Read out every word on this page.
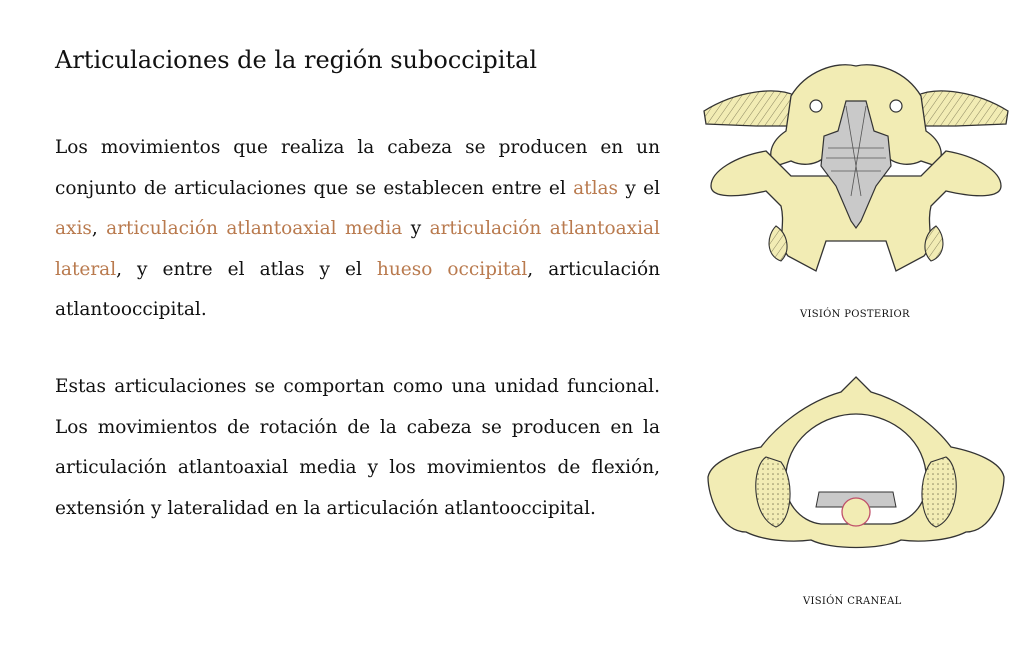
Articulaciones de la región suboccipital

Los movimientos que realiza la cabeza se producen en un conjunto de articulaciones que se establecen entre el atlas y el axis, articulación atlantoaxial media y articulación atlantoaxial lateral, y entre el atlas y el hueso occipital, articulación atlantooccipital.

Estas articulaciones se comportan como una unidad funcional. Los movimientos de rotación de la cabeza se producen en la articulación atlantoaxial media y los movimientos de flexión, extensión y lateralidad en la articulación atlantooccipital.

VISIÓN POSTERIOR
VISIÓN CRANEAL
